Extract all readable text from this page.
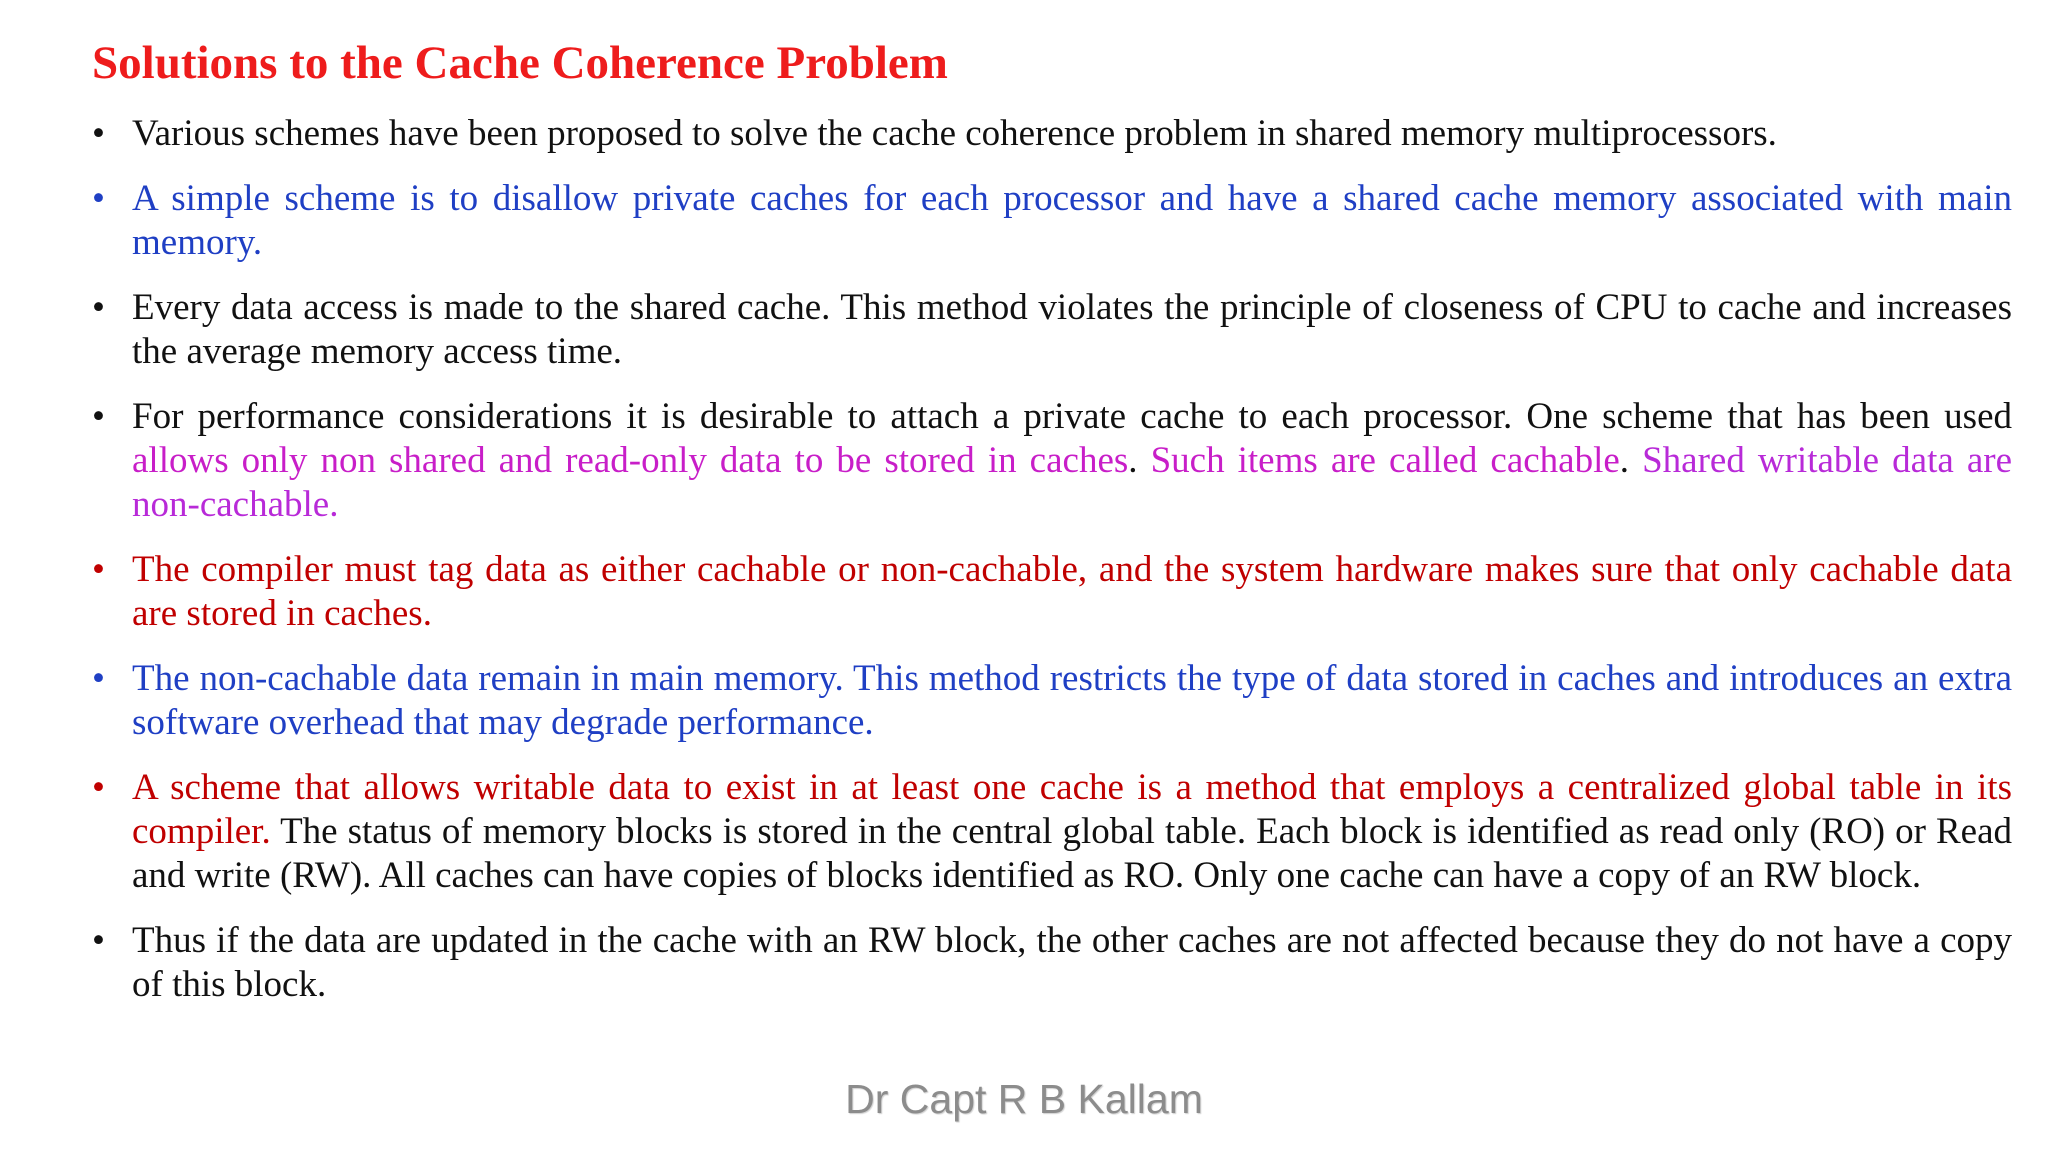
Solutions to the Cache Coherence Problem
• Various schemes have been proposed to solve the cache coherence problem in shared memory multiprocessors.
• A simple scheme is to disallow private caches for each processor and have a shared cache memory associated with main memory.
• Every data access is made to the shared cache. This method violates the principle of closeness of CPU to cache and increases the average memory access time.
• For performance considerations it is desirable to attach a private cache to each processor. One scheme that has been used allows only non shared and read-only data to be stored in caches. Such items are called cachable. Shared writable data are non-cachable.
• The compiler must tag data as either cachable or non-cachable, and the system hardware makes sure that only cachable data are stored in caches.
• The non-cachable data remain in main memory. This method restricts the type of data stored in caches and introduces an extra software overhead that may degrade performance.
• A scheme that allows writable data to exist in at least one cache is a method that employs a centralized global table in its compiler. The status of memory blocks is stored in the central global table. Each block is identified as read only (RO) or Read and write (RW). All caches can have copies of blocks identified as RO. Only one cache can have a copy of an RW block.
• Thus if the data are updated in the cache with an RW block, the other caches are not affected because they do not have a copy of this block.
Dr Capt R B Kallam
